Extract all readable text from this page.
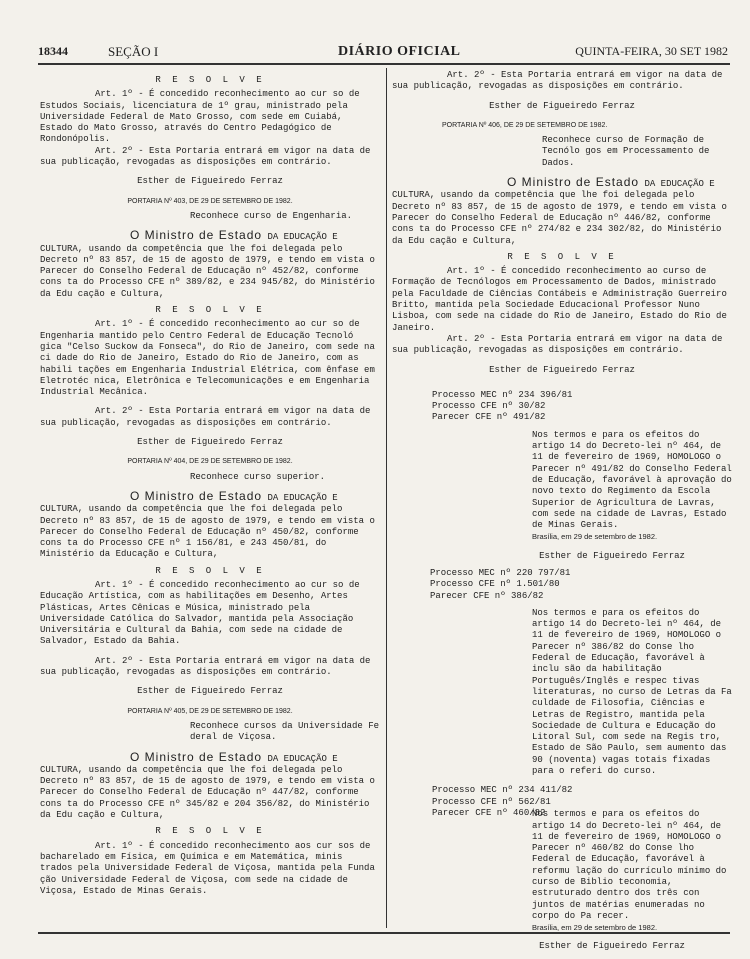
18344	SEÇÃO I	DIÁRIO OFICIAL	QUINTA-FEIRA, 30 SET 1982

R E S O L V E

Art. 1º - É concedido reconhecimento ao cur so de Estudos Sociais, licenciatura de 1º grau, ministrado pela Universidade Federal de Mato Grosso, com sede em Cuiabá, Estado do Mato Grosso, através do Centro Pedagógico de Rondonópolis.

Art. 2º - Esta Portaria entrará em vigor na data de sua publicação, revogadas as disposições em contrário.

Esther de Figueiredo Ferraz

PORTARIA Nº 403, DE 29 DE SETEMBRO DE 1982.

Reconhece curso de Engenharia.

O Ministro de Estado DA EDUCAÇÃO E CULTURA, usando da competência que lhe foi delegada pelo Decreto nº 83 857, de 15 de agosto de 1979, e tendo em vista o Parecer do Conselho Federal de Educação nº 452/82, conforme cons ta do Processo CFE nº 389/82, e 234 945/82, do Ministério da Edu cação e Cultura,

R E S O L V E

Art. 1º - É concedido reconhecimento ao cur so de Engenharia mantido pelo Centro Federal de Educação Tecnoló gica "Celso Suckow da Fonseca", do Rio de Janeiro, com sede na ci dade do Rio de Janeiro, Estado do Rio de Janeiro, com as habili tações em Engenharia Industrial Elétrica, com ênfase em Eletrotéc nica, Eletrônica e Telecomunicações e em Engenharia Industrial Mecânica.

Art. 2º - Esta Portaria entrará em vigor na data de sua publicação, revogadas as disposições em contrário.

Esther de Figueiredo Ferraz

PORTARIA Nº 404, DE 29 DE SETEMBRO DE 1982.

Reconhece curso superior.

O Ministro de Estado DA EDUCAÇÃO E CULTURA, usando da competência que lhe foi delegada pelo Decreto nº 83 857, de 15 de agosto de 1979, e tendo em vista o Parecer do Conselho Federal de Educação nº 450/82, conforme cons ta do Processo CFE nº 1 156/81, e 243 450/81, do Ministério da Educação e Cultura,

R E S O L V E

Art. 1º - É concedido reconhecimento ao cur so de Educação Artística, com as habilitações em Desenho, Artes Plásticas, Artes Cênicas e Música, ministrado pela Universidade Católica do Salvador, mantida pela Associação Universitária e Cultural da Bahia, com sede na cidade de Salvador, Estado da Bahia.

Art. 2º - Esta Portaria entrará em vigor na data de sua publicação, revogadas as disposições em contrário.

Esther de Figueiredo Ferraz

PORTARIA Nº 405, DE 29 DE SETEMBRO DE 1982.

Reconhece cursos da Universidade Fe deral de Viçosa.

O Ministro de Estado DA EDUCAÇÃO E CULTURA, usando da competência que lhe foi delegada pelo Decreto nº 83 857, de 15 de agosto de 1979, e tendo em vista o Parecer do Conselho Federal de Educação nº 447/82, conforme cons ta do Processo CFE nº 345/82 e 204 356/82, do Ministério da Edu cação e Cultura,

R E S O L V E

Art. 1º - É concedido reconhecimento aos cur sos de bacharelado em Física, em Química e em Matemática, minis trados pela Universidade Federal de Viçosa, mantida pela Funda ção Universidade Federal de Viçosa, com sede na cidade de Viçosa, Estado de Minas Gerais.

Art. 2º - Esta Portaria entrará em vigor na data de sua publicação, revogadas as disposições em contrário.

Esther de Figueiredo Ferraz

PORTARIA Nº 406, DE 29 DE SETEMBRO DE 1982.

Reconhece curso de Formação de Tecnólo gos em Processamento de Dados.

O Ministro de Estado DA EDUCAÇÃO E CULTURA, usando da competência que lhe foi delegada pelo Decreto nº 83 857, de 15 de agosto de 1979, e tendo em vista o Parecer do Conselho Federal de Educação nº 446/82, conforme cons ta do Processo CFE nº 274/82 e 234 302/82, do Ministério da Edu cação e Cultura,

R E S O L V E

Art. 1º - É concedido reconhecimento ao curso de Formação de Tecnólogos em Processamento de Dados, ministrado pela Faculdade de Ciências Contábeis e Administração Guerreiro Britto, mantida pela Sociedade Educacional Professor Nuno Lisboa, com sede na cidade do Rio de Janeiro, Estado do Rio de Janeiro.

Art. 2º - Esta Portaria entrará em vigor na data de sua publicação, revogadas as disposições em contrário.

Esther de Figueiredo Ferraz

Processo MEC nº 234 396/81

Processo CFE nº 30/82

Parecer CFE nº 491/82

Nos termos e para os efeitos do artigo 14 do Decreto-lei nº 464, de 11 de fevereiro de 1969, HOMOLOGO o Parecer nº 491/82 do Conselho Federal de Educação, favorável à aprovação do novo texto do Regimento da Escola Superior de Agricultura de Lavras, com sede na cidade de Lavras, Estado de Minas Gerais.

Brasília, em 29 de setembro de 1982.

Esther de Figueiredo Ferraz

Processo MEC nº 220 797/81

Processo CFE nº 1.501/80

Parecer CFE nº 386/82

Nos termos e para os efeitos do artigo 14 do Decreto-lei nº 464, de 11 de fevereiro de 1969, HOMOLOGO o Parecer nº 386/82 do Conse lho Federal de Educação, favorável à inclu são da habilitação Português/Inglês e respec tivas literaturas, no curso de Letras da Fa culdade de Filosofia, Ciências e Letras de Registro, mantida pela Sociedade de Cultura e Educação do Litoral Sul, com sede na Regis tro, Estado de São Paulo, sem aumento das 90 (noventa) vagas totais fixadas para o referi do curso.

Processo MEC nº 234 411/82

Processo CFE nº 562/81

Parecer CFE nº 460/82

Nos termos e para os efeitos do artigo 14 do Decreto-lei nº 464, de 11 de fevereiro de 1969, HOMOLOGO o Parecer nº 460/82 do Conse lho Federal de Educação, favorável à reformu lação do currículo mínimo do curso de Biblio teconomia, estruturado dentro dos três con juntos de matérias enumeradas no corpo do Pa recer.

Brasília, em 29 de setembro de 1982.

Esther de Figueiredo Ferraz
